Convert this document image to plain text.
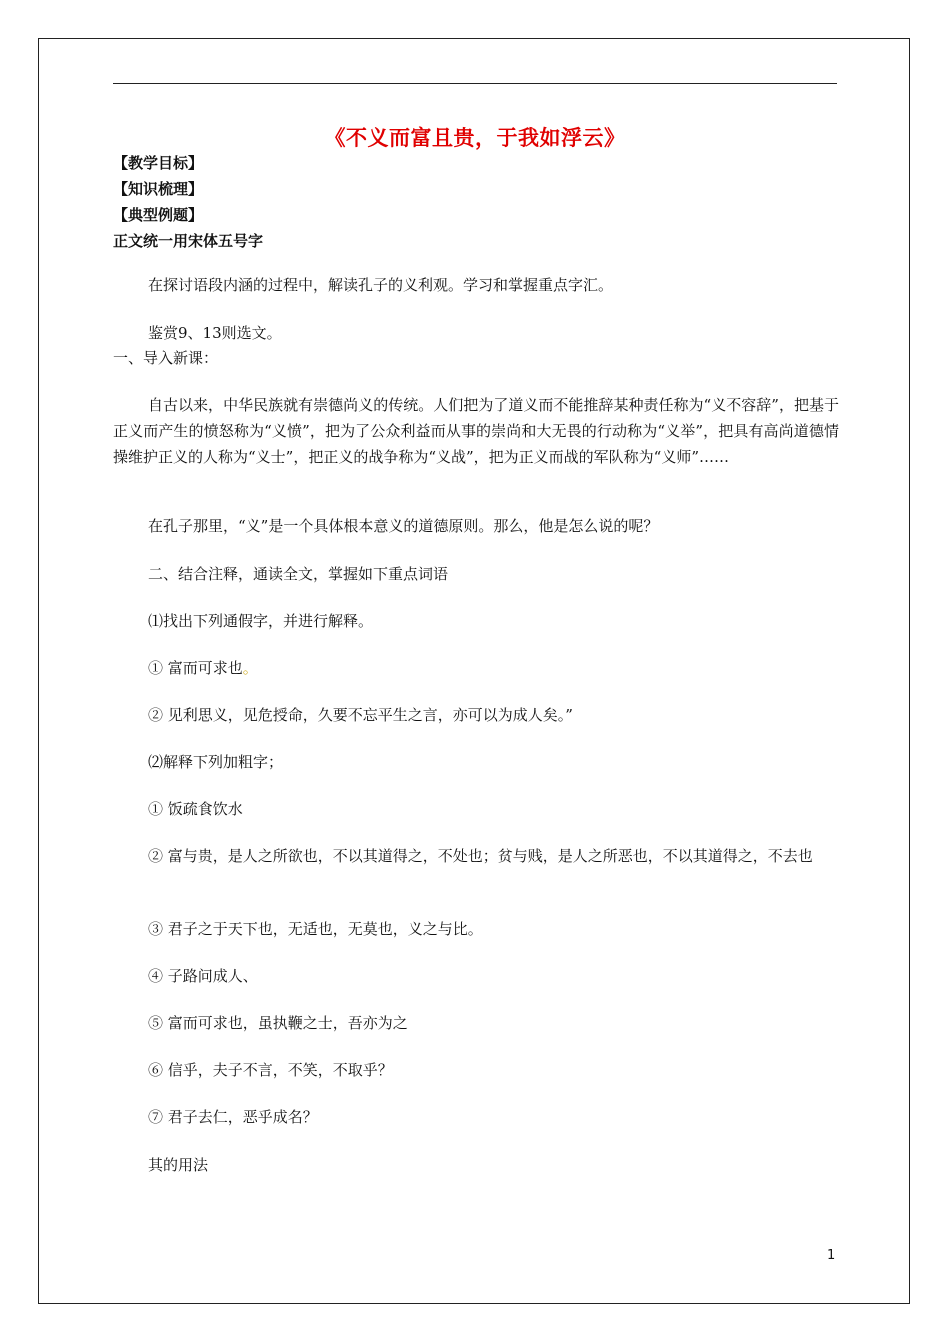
《不义而富且贵，于我如浮云》
【教学目标】
【知识梳理】
【典型例题】
正文统一用宋体五号字
在探讨语段内涵的过程中，解读孔子的义利观。学习和掌握重点字汇。
鉴赏9、13则选文。
一、导入新课：
自古以来，中华民族就有崇德尚义的传统。人们把为了道义而不能推辞某种责任称为“义不容辞”，把基于正义而产生的愤怒称为“义愤”，把为了公众利益而从事的崇尚和大无畏的行动称为“义举”，把具有高尚道德情操维护正义的人称为“义士”，把正义的战争称为“义战”，把为正义而战的军队称为“义师”……
在孔子那里，“义”是一个具体根本意义的道德原则。那么，他是怎么说的呢？
二、结合注释，通读全文，掌握如下重点词语
⑴找出下列通假字，并进行解释。
① 富而可求也。
② 见利思义，见危授命，久要不忘平生之言，亦可以为成人矣。”
⑵解释下列加粗字；
① 饭疏食饮水
② 富与贵，是人之所欲也，不以其道得之，不处也；贫与贱，是人之所恶也，不以其道得之，不去也
③ 君子之于天下也，无适也，无莫也，义之与比。
④ 子路问成人、
⑤ 富而可求也，虽执鞭之士，吾亦为之
⑥ 信乎，夫子不言，不笑，不取乎？
⑦ 君子去仁，恶乎成名？
其的用法
1
